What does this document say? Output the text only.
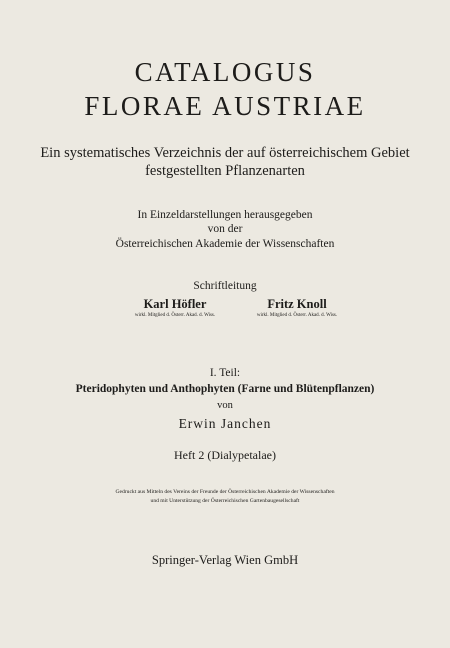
CATALOGUS
FLORAE AUSTRIAE
Ein systematisches Verzeichnis der auf österreichischem Gebiet
festgestellten Pflanzenarten
In Einzeldarstellungen herausgegeben
von der
Österreichischen Akademie der Wissenschaften
Schriftleitung
Karl Höfler
wirkl. Mitglied d. Österr. Akad. d. Wiss.
Fritz Knoll
wirkl. Mitglied d. Österr. Akad. d. Wiss.
I. Teil:
Pteridophyten und Anthophyten (Farne und Blütenpflanzen)
von
Erwin Janchen
Heft 2 (Dialypetalae)
Gedruckt aus Mitteln des Vereins der Freunde der Österreichischen Akademie der Wissenschaften
und mit Unterstützung der Österreichischen Gartenbaugesellschaft
Springer-Verlag Wien GmbH
